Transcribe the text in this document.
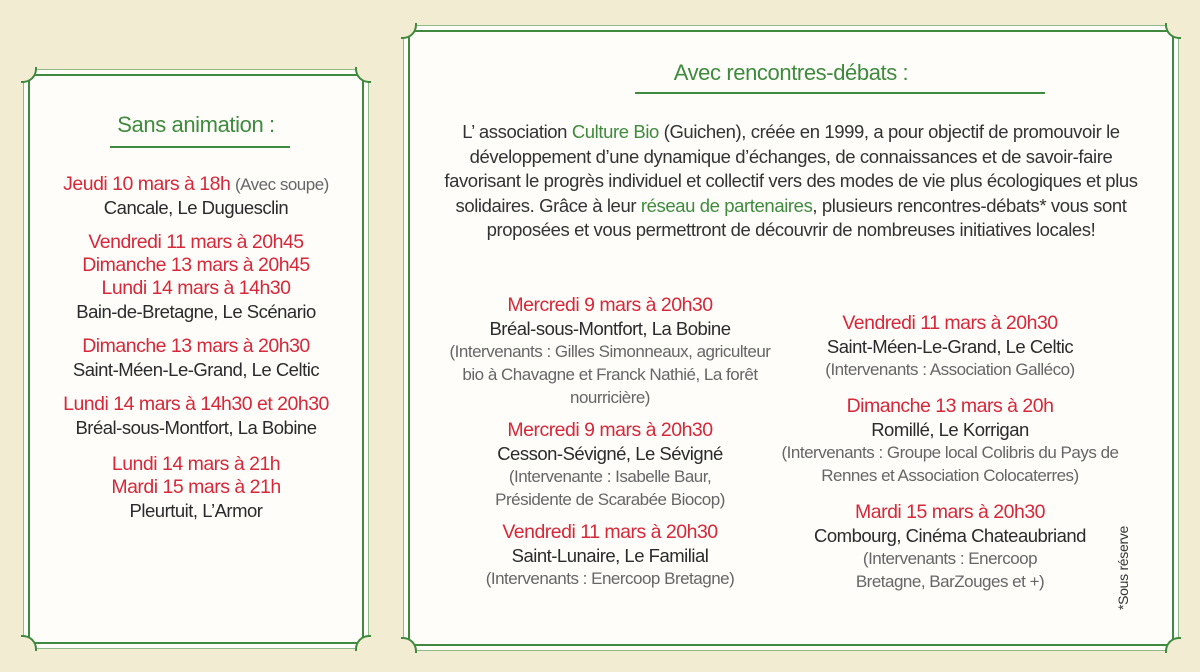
Sans animation :
Jeudi 10 mars à 18h (Avec soupe)
Cancale, Le Duguesclin
Vendredi 11 mars à 20h45
Dimanche 13 mars à 20h45
Lundi 14 mars à 14h30
Bain-de-Bretagne, Le Scénario
Dimanche 13 mars à 20h30
Saint-Méen-Le-Grand, Le Celtic
Lundi 14 mars à 14h30 et 20h30
Bréal-sous-Montfort, La Bobine
Lundi 14 mars à 21h
Mardi 15 mars à 21h
Pleurtuit, L’Armor
Avec rencontres-débats :
L’ association Culture Bio (Guichen), créée en 1999, a pour objectif de promouvoir le développement d’une dynamique d’échanges, de connaissances et de savoir-faire favorisant le progrès individuel et collectif vers des modes de vie plus écologiques et plus solidaires. Grâce à leur réseau de partenaires, plusieurs rencontres-débats* vous sont proposées et vous permettront de découvrir de nombreuses initiatives locales!
Mercredi 9 mars à 20h30
Bréal-sous-Montfort, La Bobine
(Intervenants : Gilles Simonneaux, agriculteur bio à Chavagne et Franck Nathié, La forêt nourricière)
Mercredi 9 mars à 20h30
Cesson-Sévigné, Le Sévigné
(Intervenante : Isabelle Baur, Présidente de Scarabée Biocop)
Vendredi 11 mars à 20h30
Saint-Lunaire, Le Familial
(Intervenants : Enercoop Bretagne)
Vendredi 11 mars à 20h30
Saint-Méen-Le-Grand, Le Celtic
(Intervenants : Association Galléco)
Dimanche 13 mars à 20h
Romillé, Le Korrigan
(Intervenants : Groupe local Colibris du Pays de Rennes et Association Colocaterres)
Mardi 15 mars à 20h30
Combourg, Cinéma Chateaubriand
(Intervenants : Enercoop Bretagne, BarZouges et +)	*Sous réserve
